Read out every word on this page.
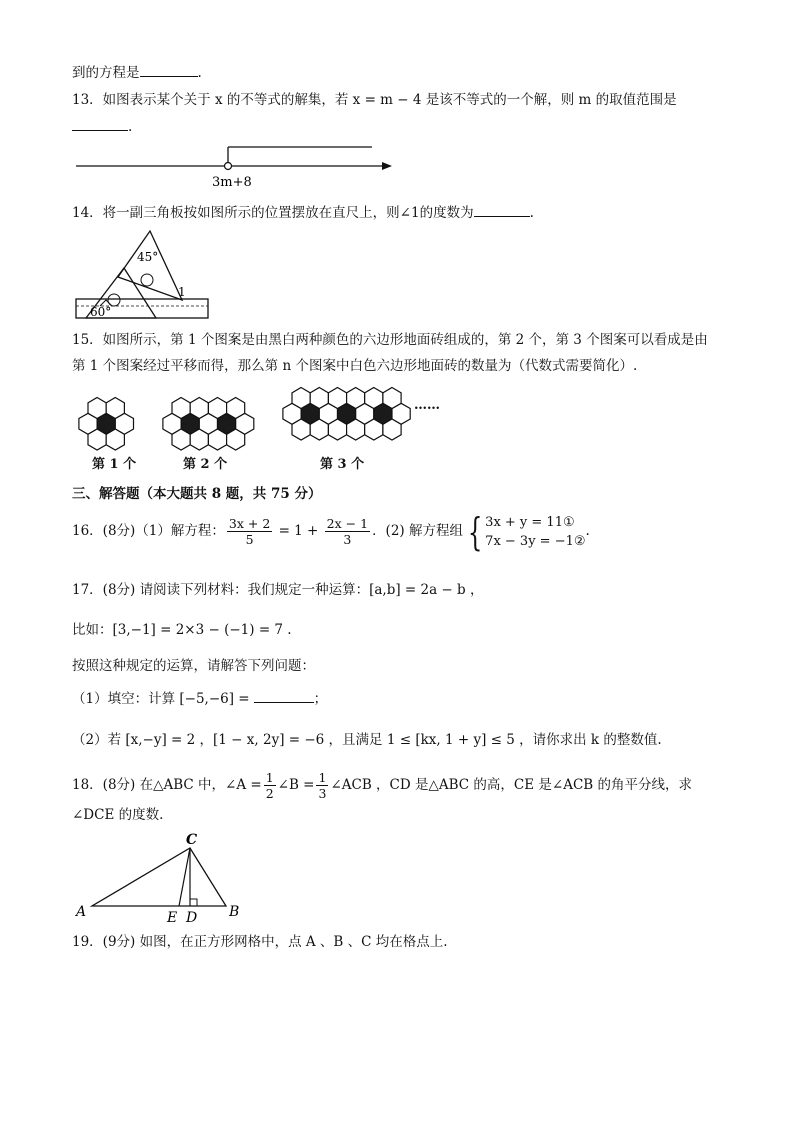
到的方程是	.
13．如图表示某个关于 x 的不等式的解集，若 x = m − 4 是该不等式的一个解，则 m 的取值范围是
.
3m+8
14．将一副三角板按如图所示的位置摆放在直尺上，则∠1的度数为	.
45°
60°
1
15．如图所示，第 1 个图案是由黑白两种颜色的六边形地面砖组成的，第 2 个，第 3 个图案可以看成是由
第 1 个图案经过平移而得，那么第 n 个图案中白色六边形地面砖的数量为（代数式需要简化）.
第 1 个	第 2 个	第 3 个
……
三、解答题（本大题共 8 题，共 75 分）
16．(8分)（1）解方程： $\frac{3x + 2}{5} = 1 + \frac{2x - 1}{3}$ ．(2) 解方程组 { 3x + y = 11①
7x − 3y = −1②
.
17．(8分) 请阅读下列材料：我们规定一种运算：[a,b] = 2a − b ，
比如：[3,−1] = 2×3 − (−1) = 7 .
按照这种规定的运算，请解答下列问题：
（1）填空：计算 [−5,−6] =	；
（2）若 [x,−y] = 2 ，[1 − x, 2y] = −6 ，且满足 1 ≤ [kx, 1 + y] ≤ 5 ，请你求出 k 的整数值.
18．(8分) 在△ABC 中，∠A = $\frac{1}{2}$ ∠B = $\frac{1}{3}$ ∠ACB ，CD 是△ABC 的高，CE 是∠ACB 的角平分线，求
∠DCE 的度数.
C
A	B
E D
19．(9分) 如图，在正方形网格中，点 A 、B 、C 均在格点上.
